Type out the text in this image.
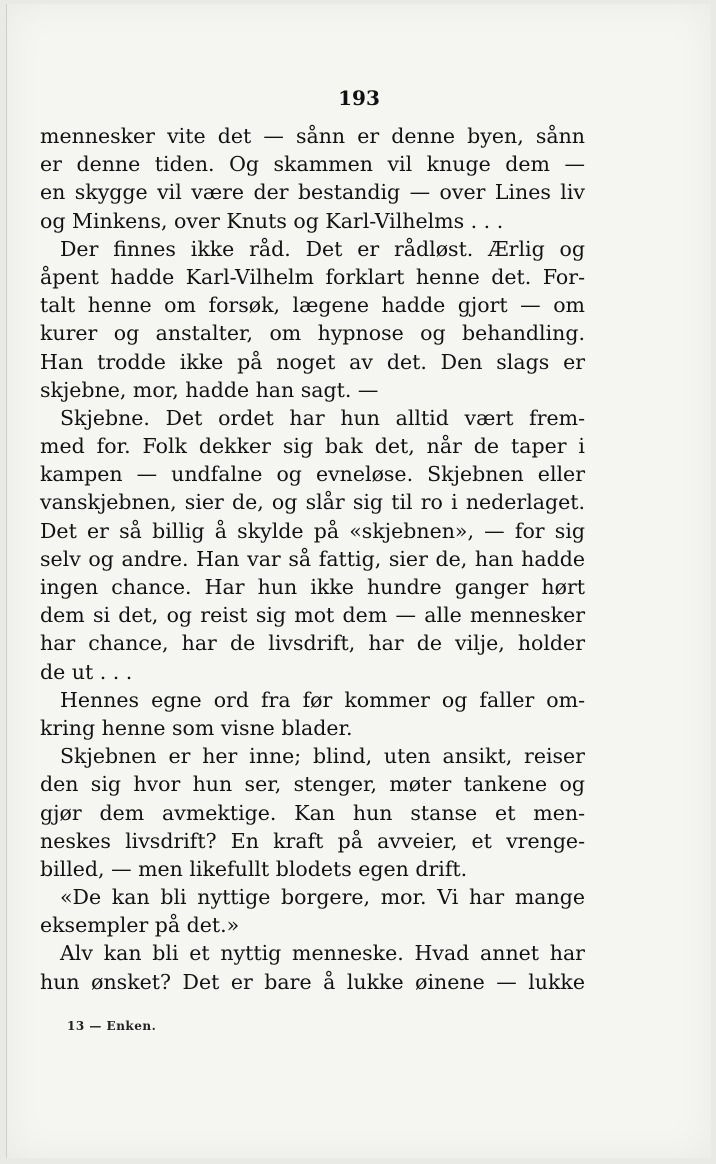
193
mennesker vite det — sånn er denne byen, sånn
er denne tiden. Og skammen vil knuge dem —
en skygge vil være der bestandig — over Lines liv
og Minkens, over Knuts og Karl-Vilhelms . . .
Der finnes ikke råd. Det er rådløst. Ærlig og
åpent hadde Karl-Vilhelm forklart henne det. For-
talt henne om forsøk, lægene hadde gjort — om
kurer og anstalter, om hypnose og behandling.
Han trodde ikke på noget av det. Den slags er
skjebne, mor, hadde han sagt. —
Skjebne. Det ordet har hun alltid vært frem-
med for. Folk dekker sig bak det, når de taper i
kampen — undfalne og evneløse. Skjebnen eller
vanskjebnen, sier de, og slår sig til ro i nederlaget.
Det er så billig å skylde på «skjebnen», — for sig
selv og andre. Han var så fattig, sier de, han hadde
ingen chance. Har hun ikke hundre ganger hørt
dem si det, og reist sig mot dem — alle mennesker
har chance, har de livsdrift, har de vilje, holder
de ut . . .
Hennes egne ord fra før kommer og faller om-
kring henne som visne blader.
Skjebnen er her inne; blind, uten ansikt, reiser
den sig hvor hun ser, stenger, møter tankene og
gjør dem avmektige. Kan hun stanse et men-
neskes livsdrift? En kraft på avveier, et vrenge-
billed, — men likefullt blodets egen drift.
«De kan bli nyttige borgere, mor. Vi har mange
eksempler på det.»
Alv kan bli et nyttig menneske. Hvad annet har
hun ønsket? Det er bare å lukke øinene — lukke
13 — Enken.
